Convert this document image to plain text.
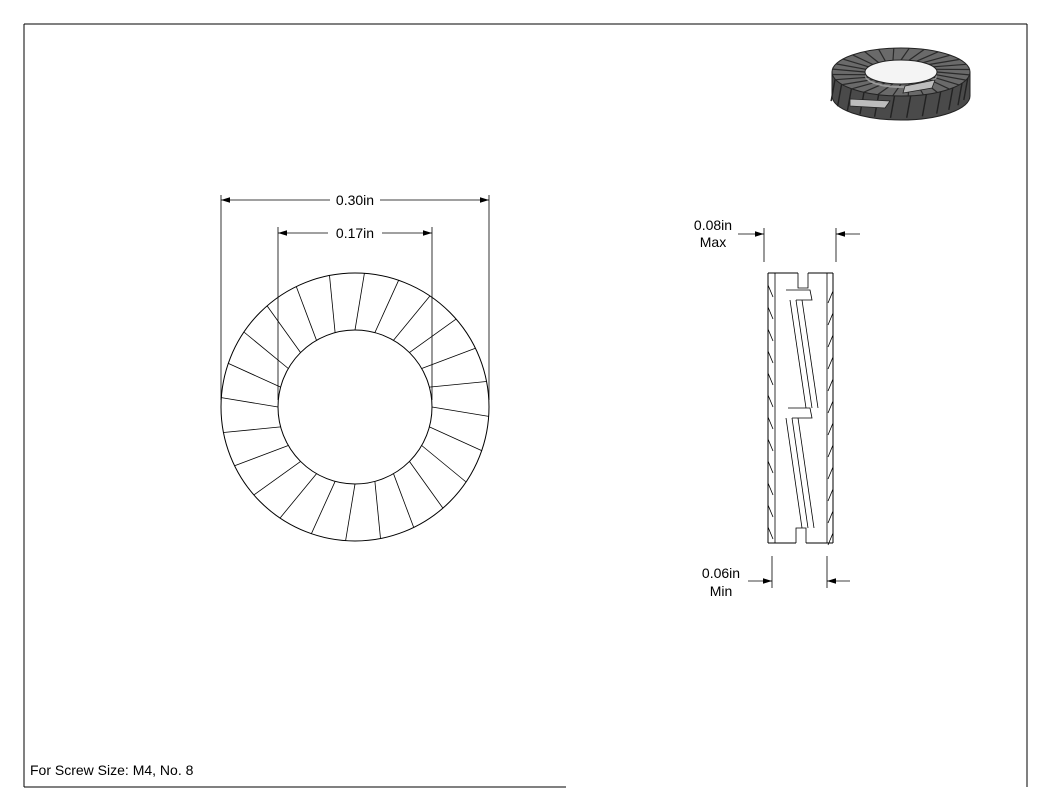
0.30in
0.17in	0.08in
Max
0.06in
Min
For Screw Size: M4, No. 8
